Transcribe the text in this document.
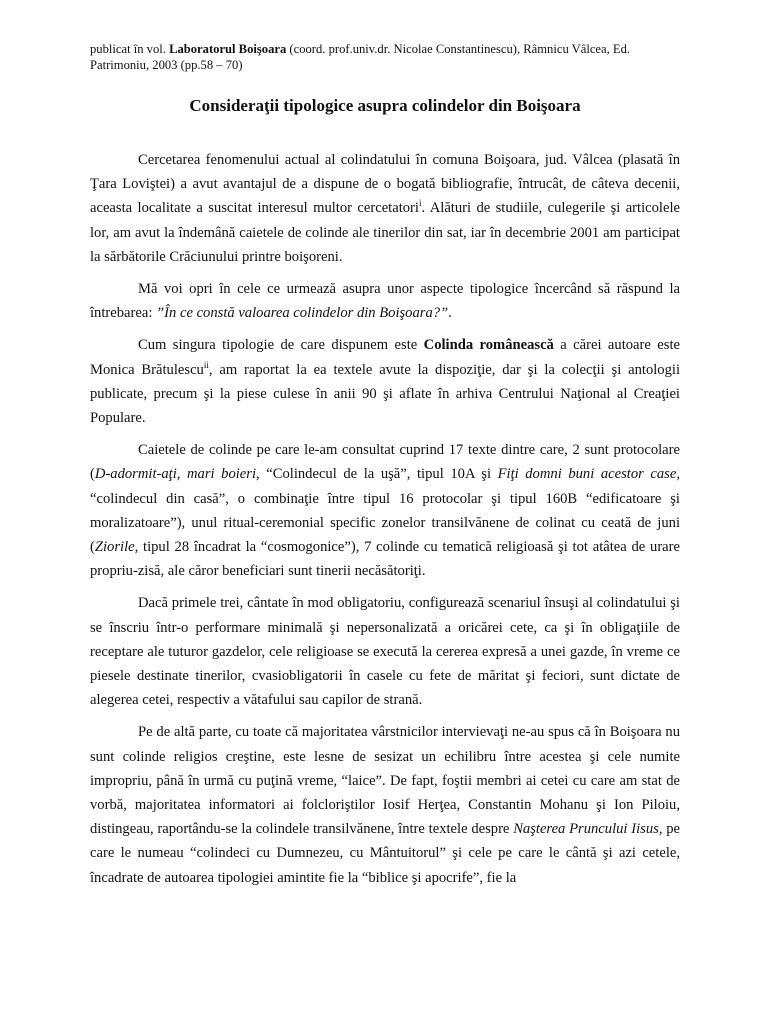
publicat în vol. Laboratorul Boişoara (coord. prof.univ.dr. Nicolae Constantinescu), Râmnicu Vâlcea, Ed. Patrimoniu, 2003 (pp.58 – 70)
Consideraţii tipologice asupra colindelor din Boişoara

Cercetarea fenomenului actual al colindatului în comuna Boişoara, jud. Vâlcea (plasată în Ţara Loviştei) a avut avantajul de a dispune de o bogată bibliografie, întrucât, de câteva decenii, aceasta localitate a suscitat interesul multor cercetatori$^i$. Alături de studiile, culegerile şi articolele lor, am avut la îndemână caietele de colinde ale tinerilor din sat, iar în decembrie 2001 am participat la sărbătorile Crăciunului printre boişoreni.

Mă voi opri în cele ce urmează asupra unor aspecte tipologice încercând să răspund la întrebarea: ”În ce constă valoarea colindelor din Boişoara?”.

Cum singura tipologie de care dispunem este Colinda românească a cărei autoare este Monica Brătulescu$^{ii}$, am raportat la ea textele avute la dispoziţie, dar şi la colecţii şi antologii publicate, precum şi la piese culese în anii 90 şi aflate în arhiva Centrului Naţional al Creaţiei Populare.

Caietele de colinde pe care le-am consultat cuprind 17 texte dintre care, 2 sunt protocolare (D-adormit-aţi, mari boieri, “Colindecul de la uşă”, tipul 10A şi Fiţi domni buni acestor case, “colindecul din casă”, o combinaţie între tipul 16 protocolar şi tipul 160B “edificatoare şi moralizatoare”), unul ritual-ceremonial specific zonelor transilvănene de colinat cu ceată de juni (Ziorile, tipul 28 încadrat la “cosmogonice”), 7 colinde cu tematică religioasă şi tot atâtea de urare propriu-zisă, ale căror beneficiari sunt tinerii necăsătoriţi.

Dacă primele trei, cântate în mod obligatoriu, configurează scenariul însuşi al colindatului şi se înscriu într-o performare minimală şi nepersonalizată a oricărei cete, ca şi în obligaţiile de receptare ale tuturor gazdelor, cele religioase se execută la cererea expresă a unei gazde, în vreme ce piesele destinate tinerilor, cvasiobligatorii în casele cu fete de măritat şi feciori, sunt dictate de alegerea cetei, respectiv a vătafului sau capilor de strană.

Pe de altă parte, cu toate că majoritatea vârstnicilor intervievaţi ne-au spus că în Boişoara nu sunt colinde religios creştine, este lesne de sesizat un echilibru între acestea şi cele numite impropriu, până în urmă cu puţină vreme, “laice”. De fapt, foştii membri ai cetei cu care am stat de vorbă, majoritatea informatori ai folcloriştilor Iosif Herţea, Constantin Mohanu şi Ion Piloiu, distingeau, raportându-se la colindele transilvănene, între textele despre Naşterea Pruncului Iisus, pe care le numeau “colindeci cu Dumnezeu, cu Mântuitorul” şi cele pe care le cântă şi azi cetele, încadrate de autoarea tipologiei amintite fie la “biblice şi apocrife”, fie la
